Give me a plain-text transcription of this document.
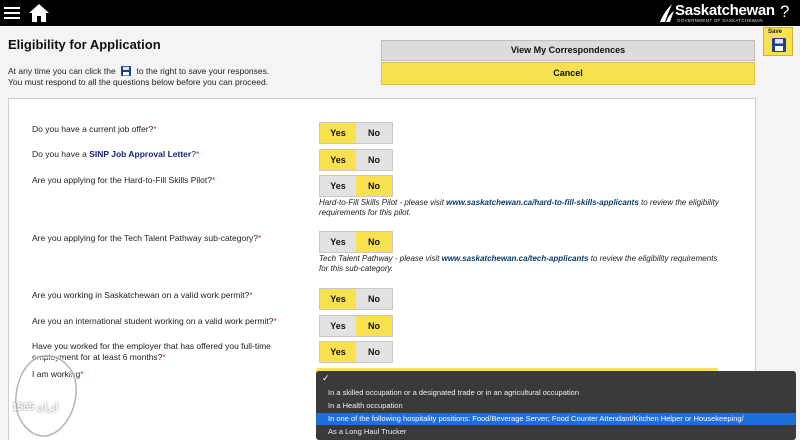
Saskatchewan
GOVERNMENT OF SASKATCHEWAN ?
Eligibility for Application
At any time you can click the to the right to save your responses.
You must respond to all the questions below before you can proceed.
View My Correspondences
Cancel
Save
Do you have a current job offer?*	Yes	No
Do you have a SINP Job Approval Letter?*
Yes	No
Are you applying for the Hard-to-Fill Skills Pilot?*
Yes	No
Hard-to-Fill Skills Pilot - please visit www.saskatchewan.ca/hard-to-fill-skills-applicants to review the eligibility requirements for this pilot.
Are you applying for the Tech Talent Pathway sub-category?*	Yes	No
Tech Talent Pathway - please visit www.saskatchewan.ca/tech-applicants to review the eligibility requirements for this sub-category.
Are you working in Saskatchewan on a valid work permit?*	Yes	No
Are you an international student working on a valid work permit?*	Yes	No
Have you worked for the employer that has offered you full-time
employment for at least 6 months?*	Yes	No
I am working*	✓
In a skilled occupation or a designated trade or in an agricultural occupation
In a Health occupation
In one of the following hospitality positions: Food/Beverage Server; Food Counter Attendant/Kitchen Helper or Housekeeping/
As a Long Haul Trucker
ایران 1585
